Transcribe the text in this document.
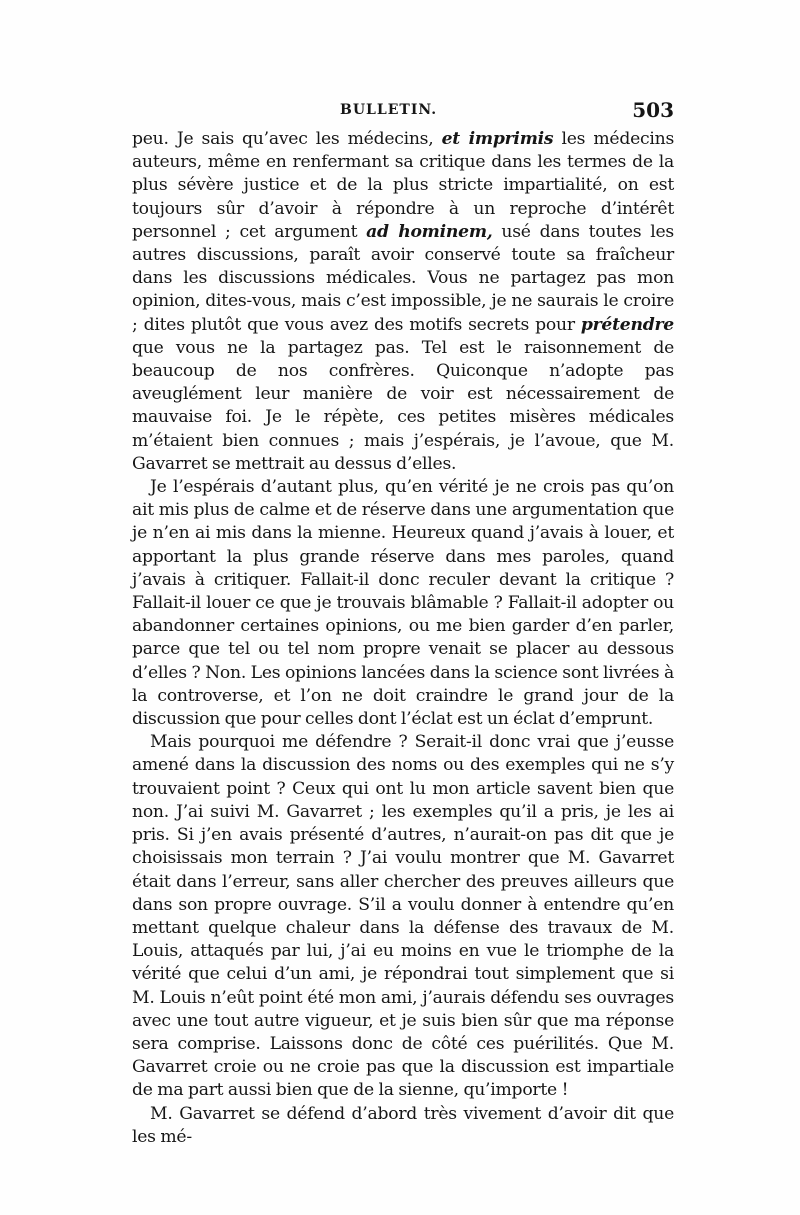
BULLETIN.	503

peu. Je sais qu’avec les médecins, et imprimis les médecins auteurs, même en renfermant sa critique dans les termes de la plus sévère justice et de la plus stricte impartialité, on est toujours sûr d’avoir à répondre à un reproche d’intérêt personnel ; cet argument ad hominem, usé dans toutes les autres discussions, paraît avoir conservé toute sa fraîcheur dans les discussions médicales. Vous ne partagez pas mon opinion, dites-vous, mais c’est impossible, je ne saurais le croire ; dites plutôt que vous avez des motifs secrets pour prétendre que vous ne la partagez pas. Tel est le raisonnement de beaucoup de nos confrères. Quiconque n’adopte pas aveuglément leur manière de voir est nécessairement de mauvaise foi. Je le répète, ces petites misères médicales m’étaient bien connues ; mais j’espérais, je l’avoue, que M. Gavarret se mettrait au dessus d’elles.

Je l’espérais d’autant plus, qu’en vérité je ne crois pas qu’on ait mis plus de calme et de réserve dans une argumentation que je n’en ai mis dans la mienne. Heureux quand j’avais à louer, et apportant la plus grande réserve dans mes paroles, quand j’avais à critiquer. Fallait-il donc reculer devant la critique ? Fallait-il louer ce que je trouvais blâmable ? Fallait-il adopter ou abandonner certaines opinions, ou me bien garder d’en parler, parce que tel ou tel nom propre venait se placer au dessous d’elles ? Non. Les opinions lancées dans la science sont livrées à la controverse, et l’on ne doit craindre le grand jour de la discussion que pour celles dont l’éclat est un éclat d’emprunt.

Mais pourquoi me défendre ? Serait-il donc vrai que j’eusse amené dans la discussion des noms ou des exemples qui ne s’y trouvaient point ? Ceux qui ont lu mon article savent bien que non. J’ai suivi M. Gavarret ; les exemples qu’il a pris, je les ai pris. Si j’en avais présenté d’autres, n’aurait-on pas dit que je choisissais mon terrain ? J’ai voulu montrer que M. Gavarret était dans l’erreur, sans aller chercher des preuves ailleurs que dans son propre ouvrage. S’il a voulu donner à entendre qu’en mettant quelque chaleur dans la défense des travaux de M. Louis, attaqués par lui, j’ai eu moins en vue le triomphe de la vérité que celui d’un ami, je répondrai tout simplement que si M. Louis n’eût point été mon ami, j’aurais défendu ses ouvrages avec une tout autre vigueur, et je suis bien sûr que ma réponse sera comprise. Laissons donc de côté ces puérilités. Que M. Gavarret croie ou ne croie pas que la discussion est impartiale de ma part aussi bien que de la sienne, qu’importe !

M. Gavarret se défend d’abord très vivement d’avoir dit que les mé-
